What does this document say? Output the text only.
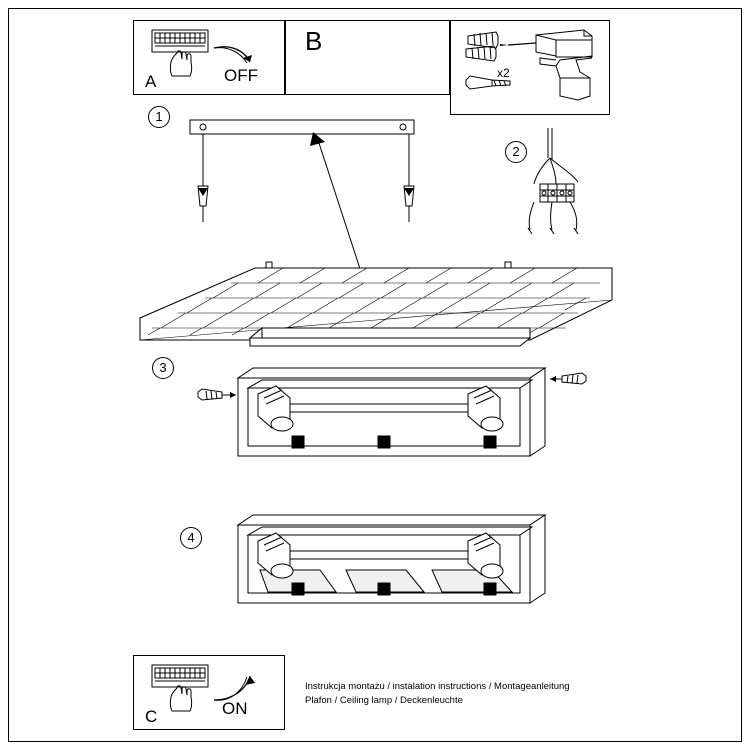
A	OFF
B
x2
1
2
3
4
C	ON
Instrukcja montażu / instalation instructions / Montageanleitung
Plafon / Ceiling lamp / Deckenleuchte
